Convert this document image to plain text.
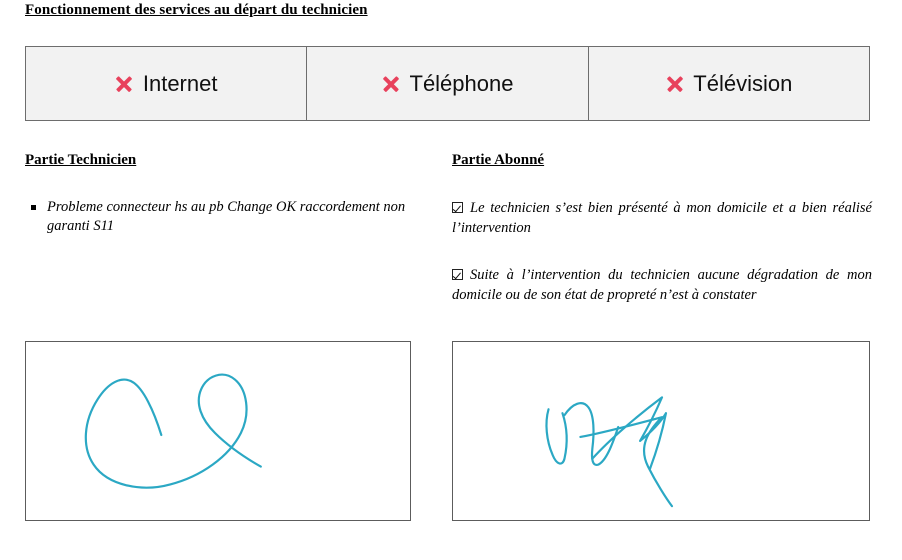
Fonctionnement des services au départ du technicien
Internet	Téléphone	Télévision
Partie Technicien
Probleme connecteur hs au pb Change OK raccordement non garanti S11
Partie Abonné
Le technicien s’est bien présenté à mon domicile et a bien réalisé l’intervention
Suite à l’intervention du technicien aucune dégradation de mon domicile ou de son état de propreté n’est à constater
